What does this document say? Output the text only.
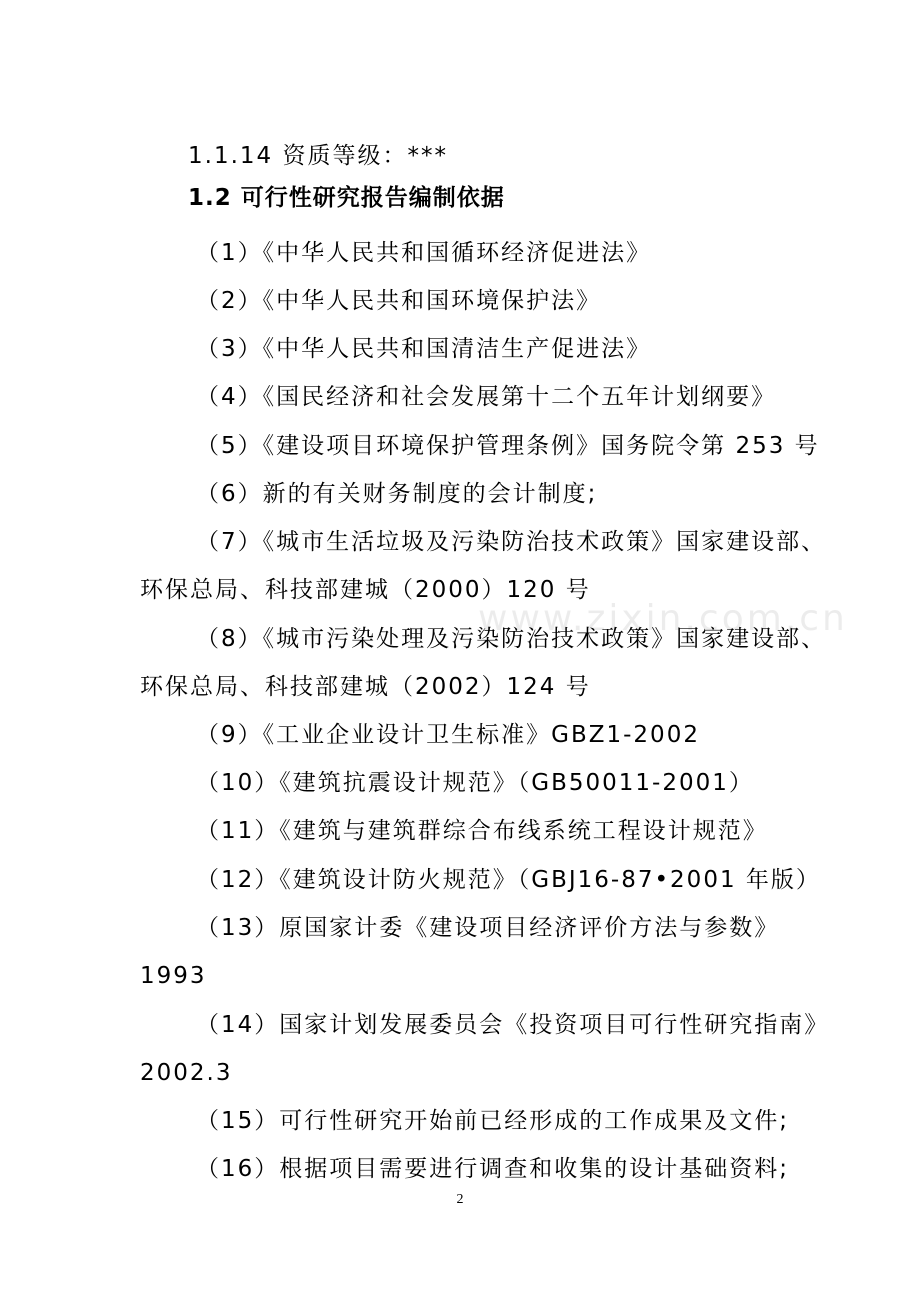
www.zixin.com.cn
1.1.14 资质等级：***
1.2 可行性研究报告编制依据
（1）《中华人民共和国循环经济促进法》
（2）《中华人民共和国环境保护法》
（3）《中华人民共和国清洁生产促进法》
（4）《国民经济和社会发展第十二个五年计划纲要》
（5）《建设项目环境保护管理条例》国务院令第 253 号
（6）新的有关财务制度的会计制度;
（7）《城市生活垃圾及污染防治技术政策》国家建设部、
环保总局、科技部建城（2000）120 号
（8）《城市污染处理及污染防治技术政策》国家建设部、
环保总局、科技部建城（2002）124 号
（9）《工业企业设计卫生标准》GBZ1-2002
（10）《建筑抗震设计规范》（GB50011-2001）
（11）《建筑与建筑群综合布线系统工程设计规范》
（12）《建筑设计防火规范》（GBJ16-87•2001 年版）
（13）原国家计委《建设项目经济评价方法与参数》
1993
（14）国家计划发展委员会《投资项目可行性研究指南》
2002.3
（15）可行性研究开始前已经形成的工作成果及文件;
（16）根据项目需要进行调查和收集的设计基础资料;
2
